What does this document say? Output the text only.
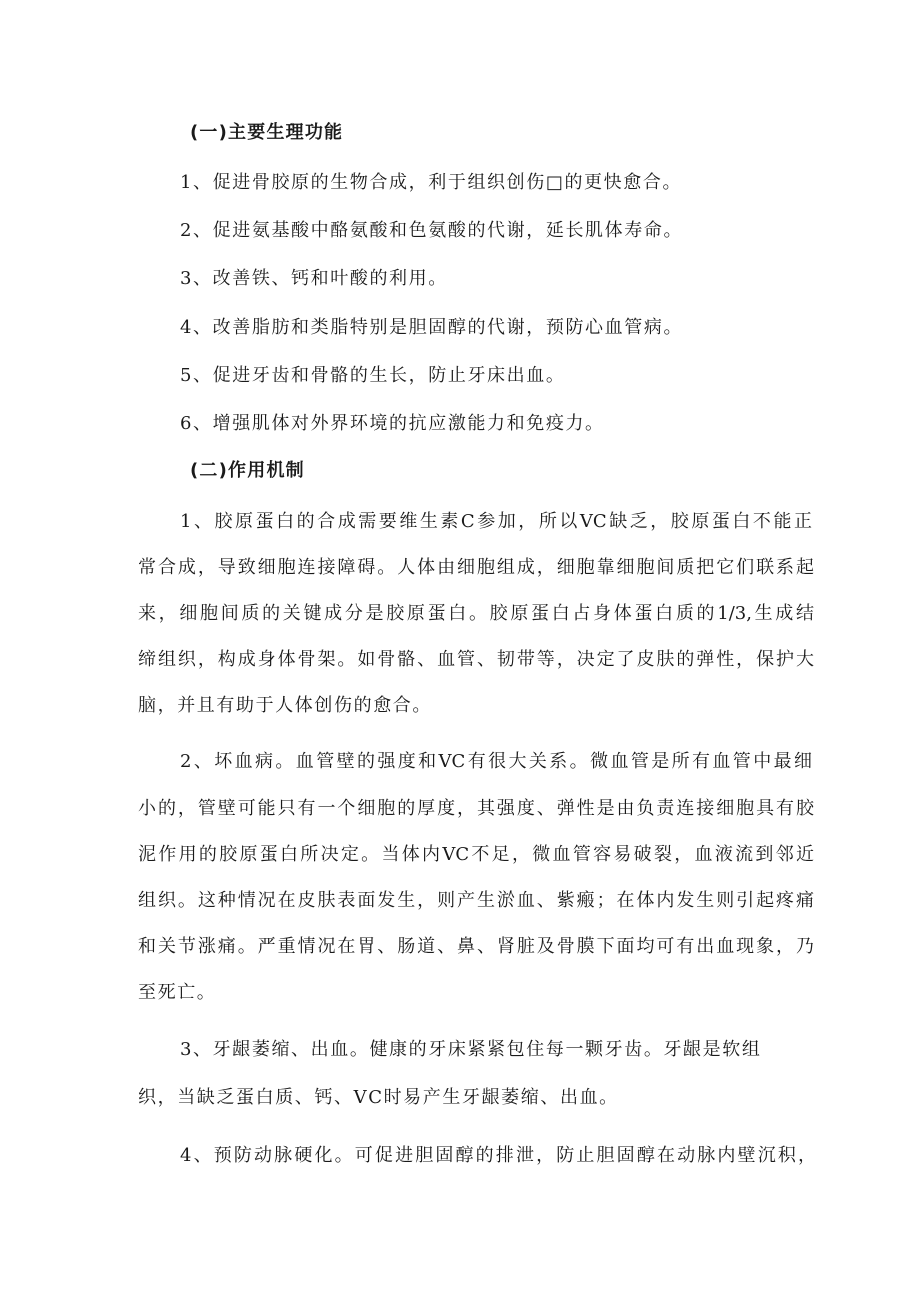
(一)主要生理功能
1、促进骨胶原的生物合成，利于组织创伤□的更快愈合。
2、促进氨基酸中酪氨酸和色氨酸的代谢，延长肌体寿命。
3、改善铁、钙和叶酸的利用。
4、改善脂肪和类脂特别是胆固醇的代谢，预防心血管病。
5、促进牙齿和骨骼的生长，防止牙床出血。
6、增强肌体对外界环境的抗应激能力和免疫力。
(二)作用机制
1、胶原蛋白的合成需要维生素C参加，所以VC缺乏，胶原蛋白不能正
常合成，导致细胞连接障碍。人体由细胞组成，细胞靠细胞间质把它们联系起
来，细胞间质的关键成分是胶原蛋白。胶原蛋白占身体蛋白质的1/3,生成结
缔组织，构成身体骨架。如骨骼、血管、韧带等，决定了皮肤的弹性，保护大
脑，并且有助于人体创伤的愈合。
2、坏血病。血管壁的强度和VC有很大关系。微血管是所有血管中最细
小的，管壁可能只有一个细胞的厚度，其强度、弹性是由负责连接细胞具有胶
泥作用的胶原蛋白所决定。当体内VC不足，微血管容易破裂，血液流到邻近
组织。这种情况在皮肤表面发生，则产生淤血、紫瘢；在体内发生则引起疼痛
和关节涨痛。严重情况在胃、肠道、鼻、肾脏及骨膜下面均可有出血现象，乃
至死亡。
3、牙龈萎缩、出血。健康的牙床紧紧包住每一颗牙齿。牙龈是软组
织，当缺乏蛋白质、钙、VC时易产生牙龈萎缩、出血。
4、预防动脉硬化。可促进胆固醇的排泄，防止胆固醇在动脉内壁沉积，
